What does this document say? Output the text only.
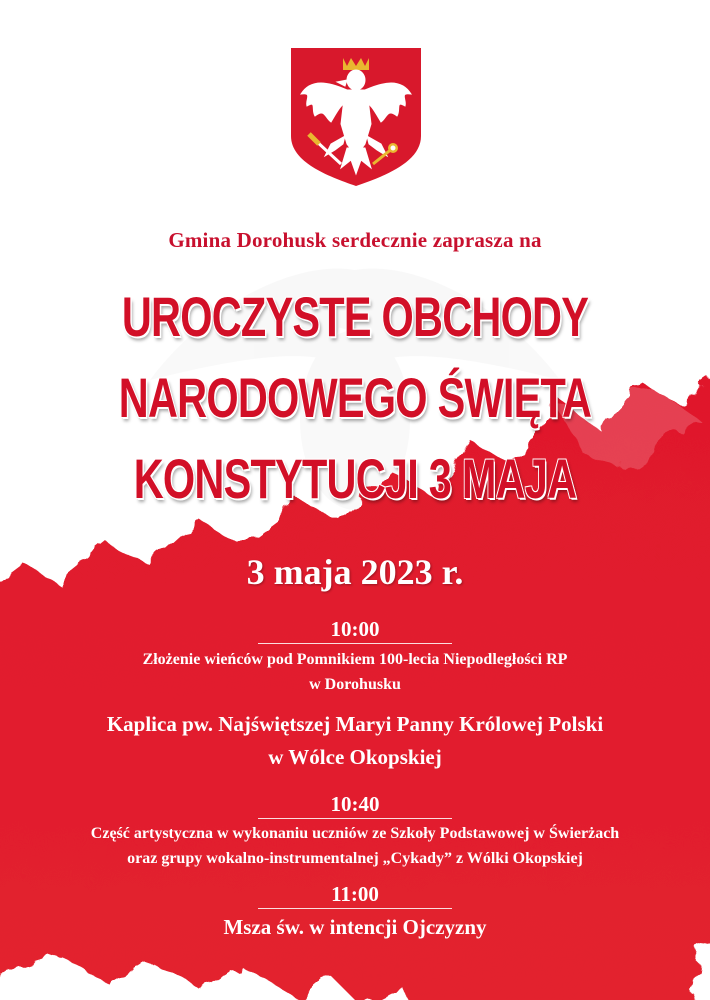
Gmina Dorohusk serdecznie zaprasza na
UROCZYSTE OBCHODY
NARODOWEGO ŚWIĘTA
KONSTYTUCJI 3 MAJA
3 maja 2023 r.
10:00
Złożenie wieńców pod Pomnikiem 100-lecia Niepodległości RP
w Dorohusku
Kaplica pw. Najświętszej Maryi Panny Królowej Polski
w Wólce Okopskiej
10:40
Część artystyczna w wykonaniu uczniów ze Szkoły Podstawowej w Świerżach
oraz grupy wokalno-instrumentalnej „Cykady” z Wólki Okopskiej
11:00
Msza św. w intencji Ojczyzny
